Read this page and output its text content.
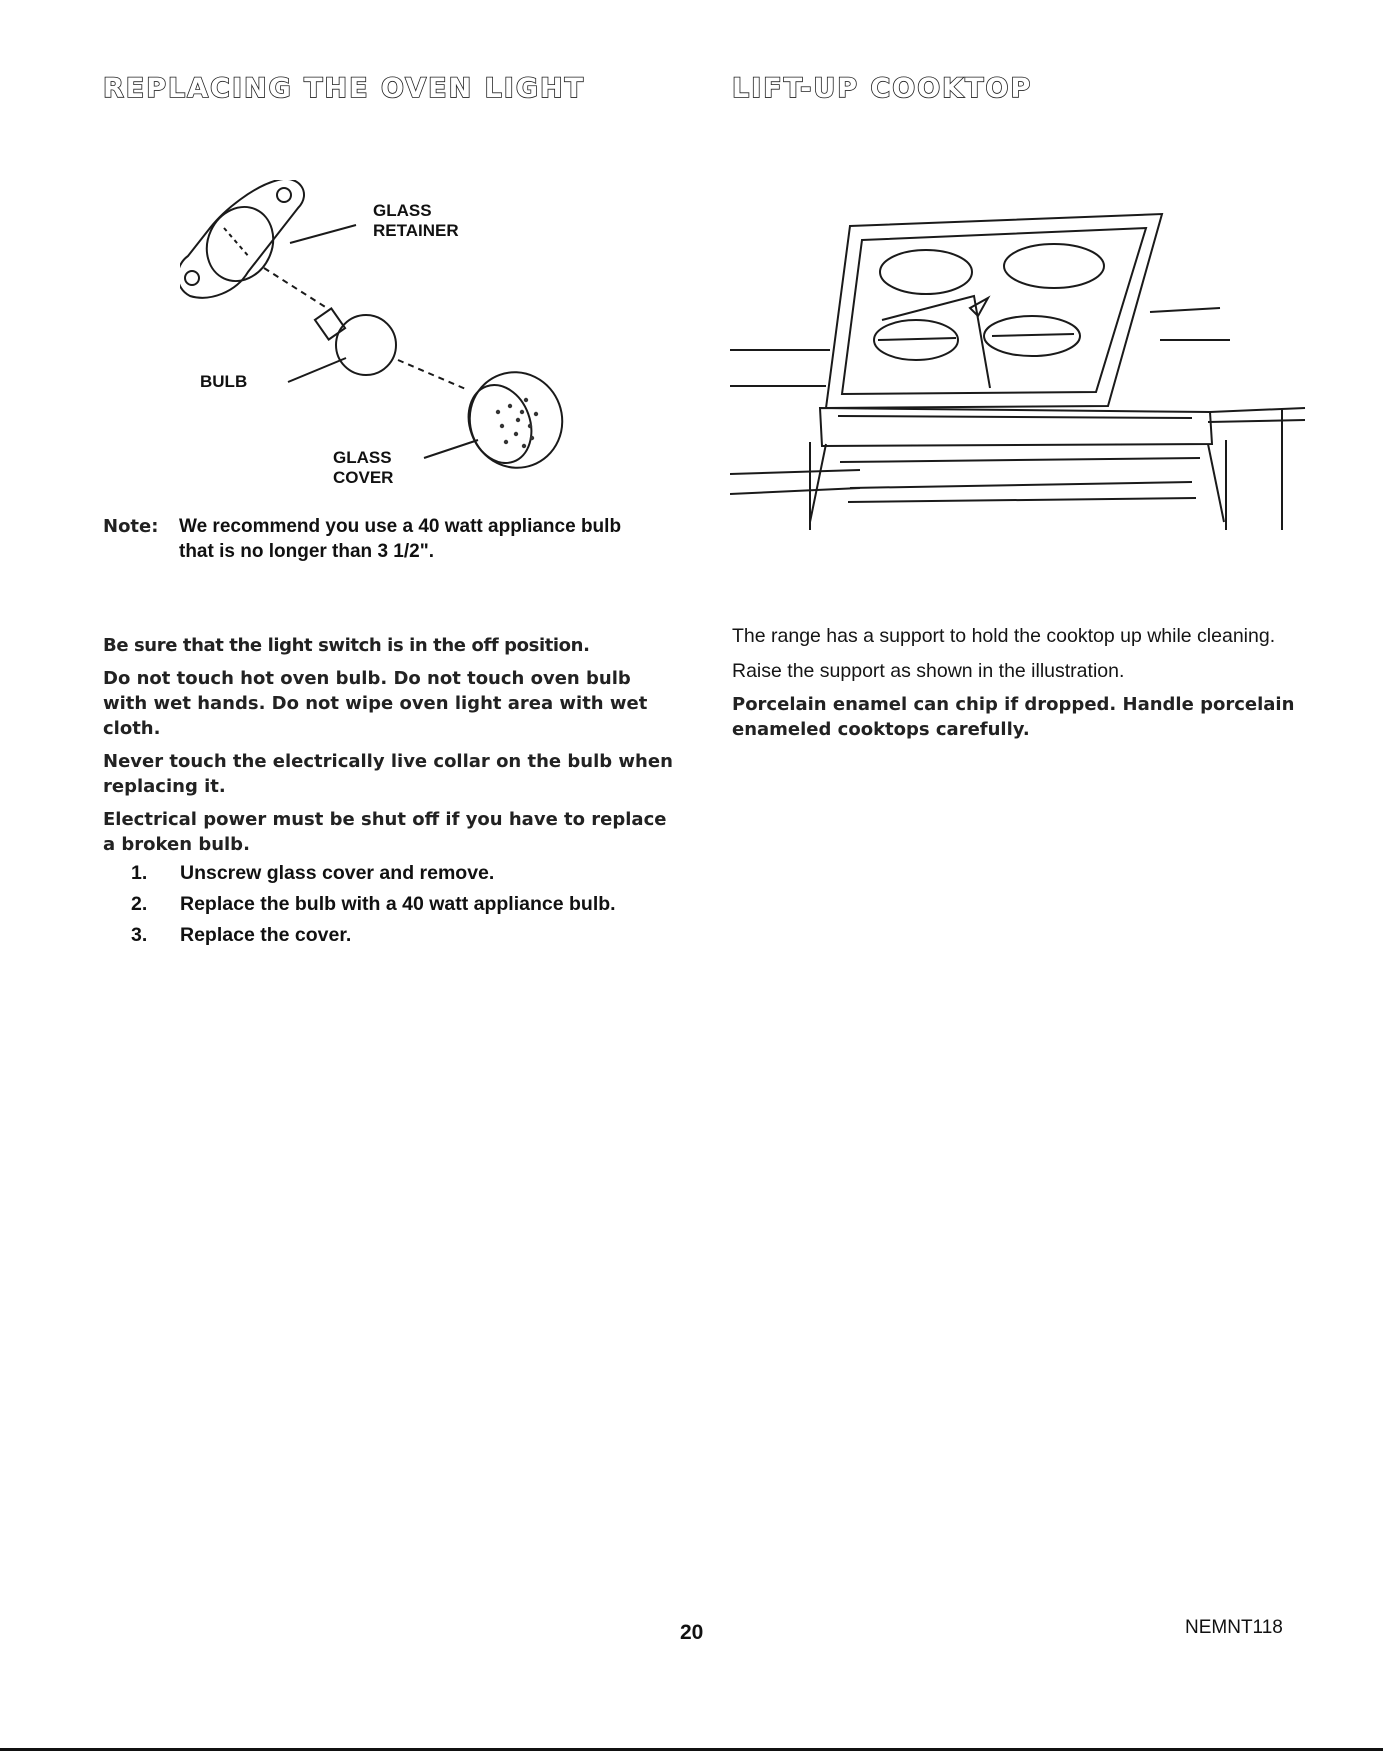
REPLACING THE OVEN LIGHT
GLASS
RETAINER
BULB
GLASS
COVER
Note:	We recommend you use a 40 watt appliance bulb
that is no longer than 3 1/2".

Be sure that the light switch is in the off position.

Do not touch hot oven bulb. Do not touch oven bulb with wet hands. Do not wipe oven light area with wet cloth.

Never touch the electrically live collar on the bulb when replacing it.

Electrical power must be shut off if you have to replace a broken bulb.

1.	Unscrew glass cover and remove.
2.	Replace the bulb with a 40 watt appliance bulb.
3.	Replace the cover.
LIFT-UP COOKTOP

The range has a support to hold the cooktop up while cleaning.

Raise the support as shown in the illustration.

Porcelain enamel can chip if dropped. Handle porcelain enameled cooktops carefully.

20	NEMNT118
